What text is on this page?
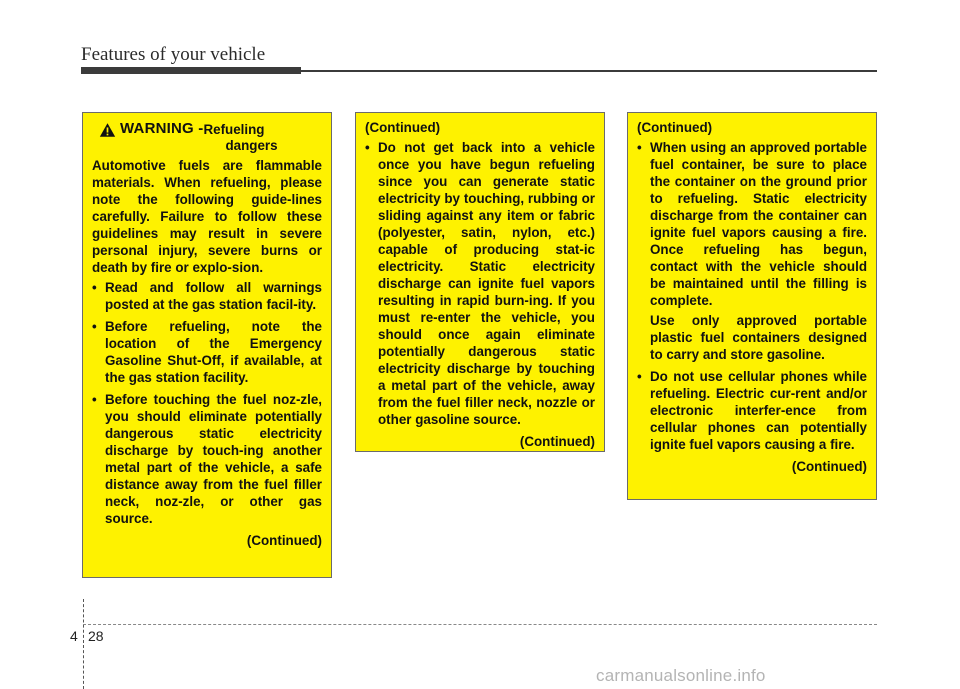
Features of your vehicle
WARNING - Refueling
dangers

Automotive fuels are flammable materials. When refueling, please note the following guide-lines carefully. Failure to follow these guidelines may result in severe personal injury, severe burns or death by fire or explo-sion.

• Read and follow all warnings posted at the gas station facil-ity.
• Before refueling, note the location of the Emergency Gasoline Shut-Off, if available, at the gas station facility.
• Before touching the fuel noz-zle, you should eliminate potentially dangerous static electricity discharge by touch-ing another metal part of the vehicle, a safe distance away from the fuel filler neck, noz-zle, or other gas source.
(Continued)
(Continued)
• Do not get back into a vehicle once you have begun refueling since you can generate static electricity by touching, rubbing or sliding against any item or fabric (polyester, satin, nylon, etc.) capable of producing stat-ic electricity. Static electricity discharge can ignite fuel vapors resulting in rapid burn-ing. If you must re-enter the vehicle, you should once again eliminate potentially dangerous static electricity discharge by touching a metal part of the vehicle, away from the fuel filler neck, nozzle or other gasoline source.
(Continued)
(Continued)
• When using an approved portable fuel container, be sure to place the container on the ground prior to refueling. Static electricity discharge from the container can ignite fuel vapors causing a fire. Once refueling has begun, contact with the vehicle should be maintained until the filling is complete.

Use only approved portable plastic fuel containers designed to carry and store gasoline.

• Do not use cellular phones while refueling. Electric cur-rent and/or electronic interfer-ence from cellular phones can potentially ignite fuel vapors causing a fire.
(Continued)
4 28
carmanualsonline.info
